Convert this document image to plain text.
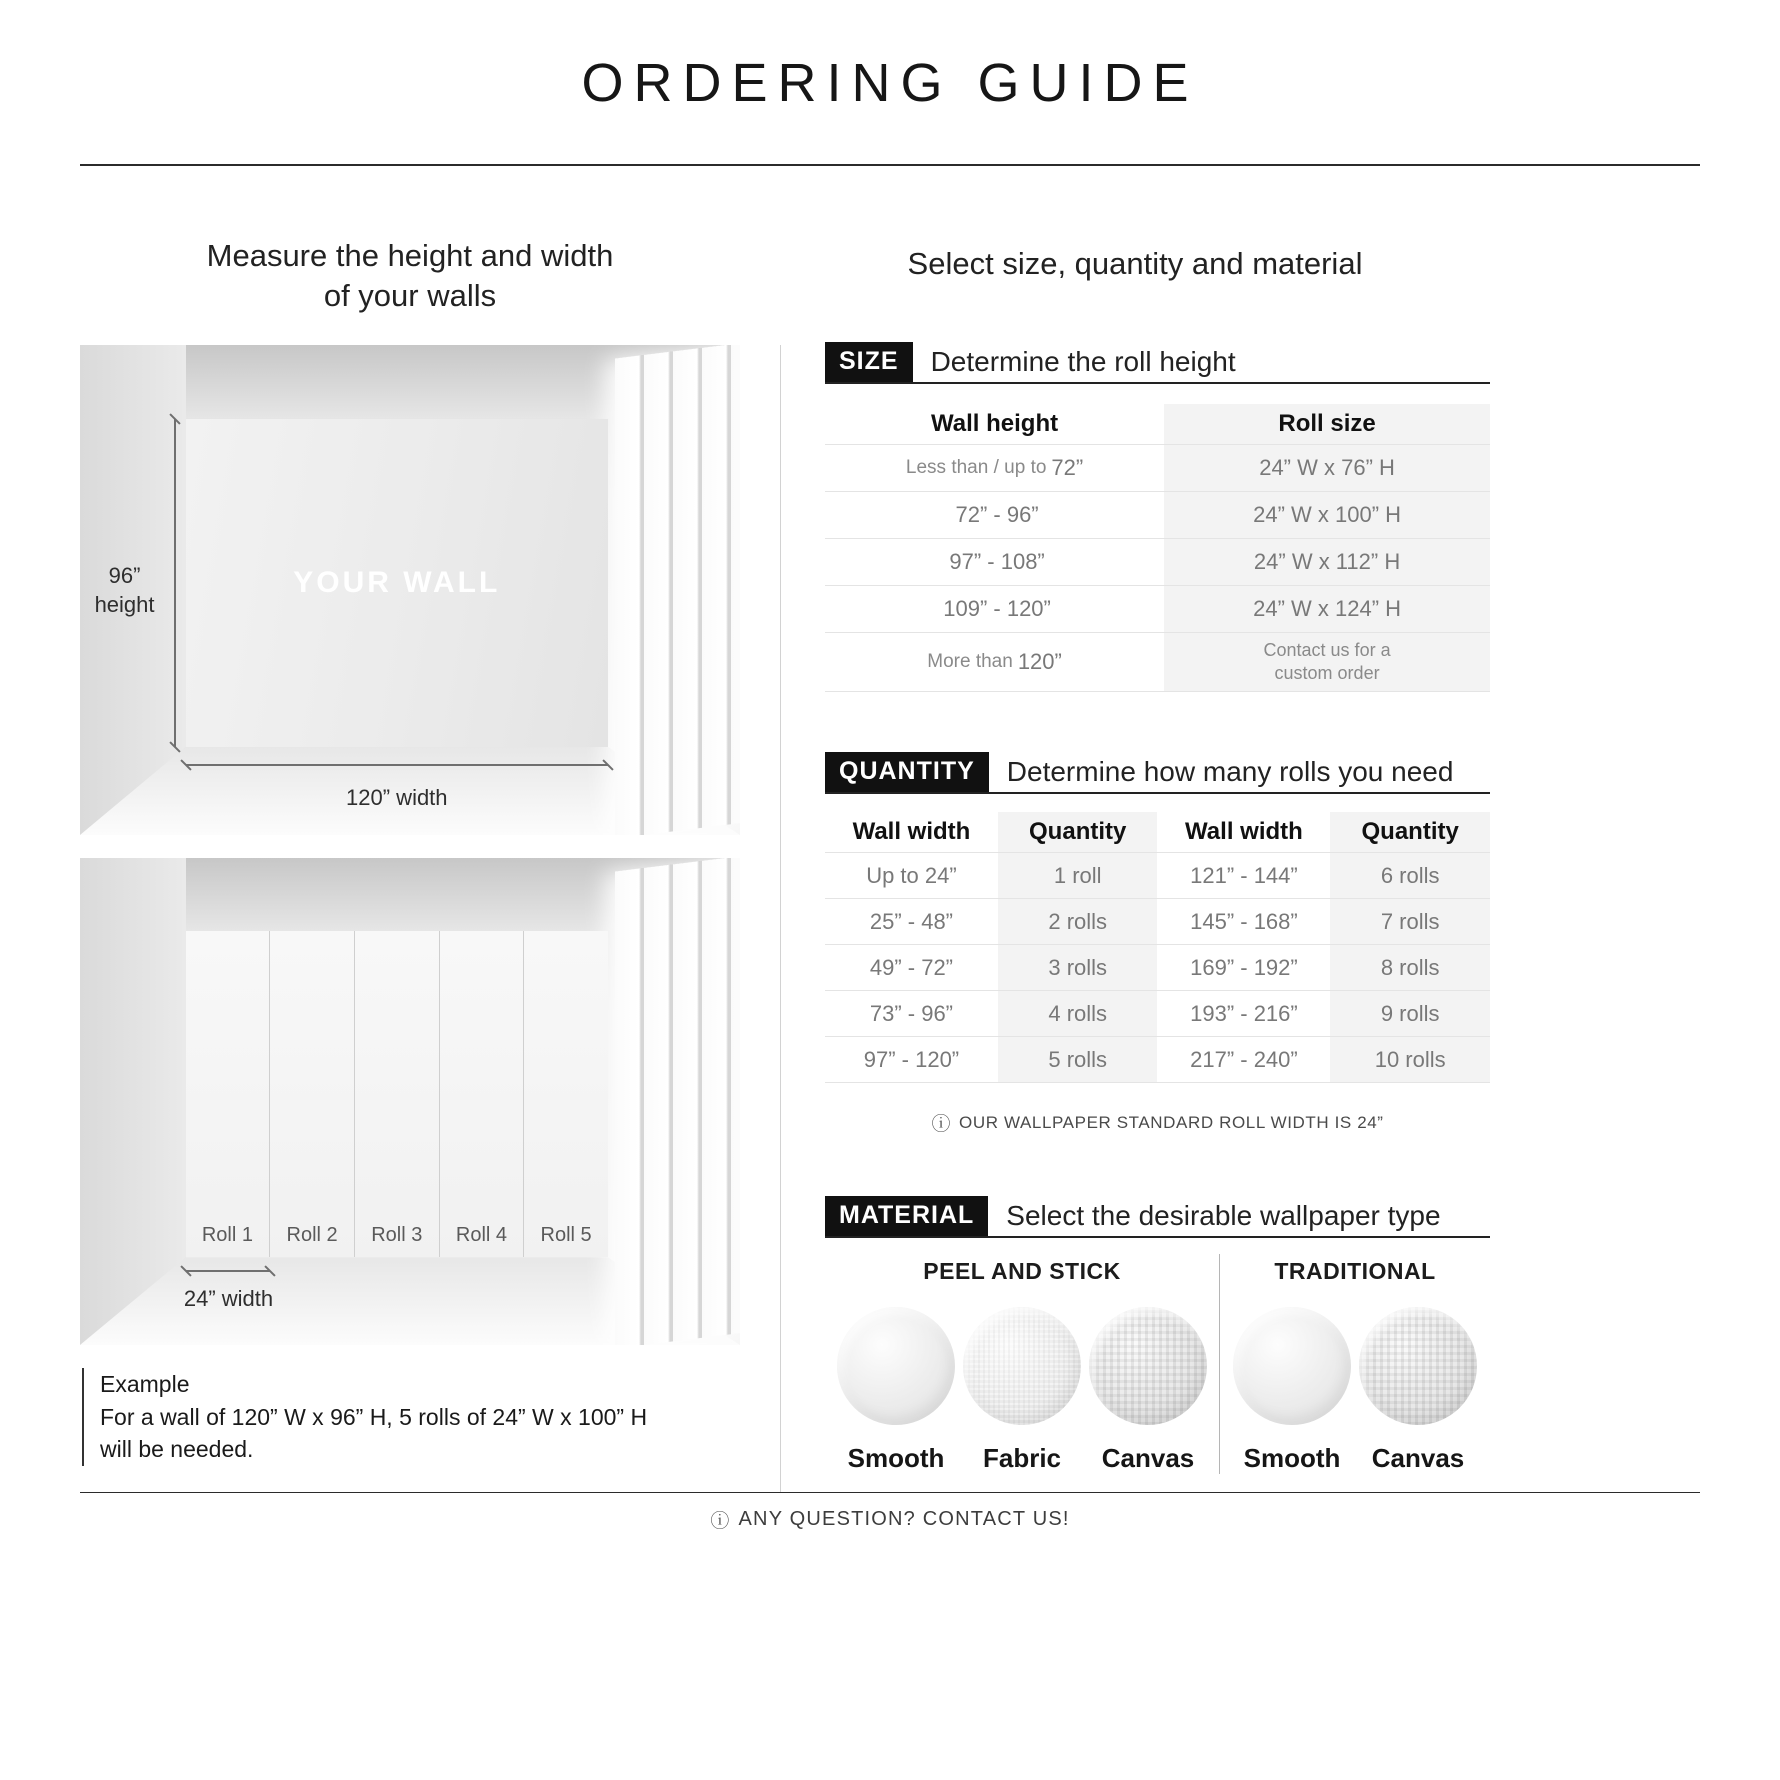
ORDERING GUIDE
Measure the height and width
of your walls
YOUR WALL
96”
height
120” width
Roll 1 Roll 2 Roll 3 Roll 4 Roll 5
24” width
Example
For a wall of 120” W x 96” H, 5 rolls of 24” W x 100” H
will be needed.
Select size, quantity and material
SIZE	Determine the roll height
Wall height	Roll size
Less than / up to 72”	24” W x 76” H
72” - 96”	24” W x 100” H
97” - 108”	24” W x 112” H
109” - 120”	24” W x 124” H
More than 120”	Contact us for a
custom order
QUANTITY	Determine how many rolls you need
Wall width	Quantity	Wall width	Quantity
Up to 24”	1 roll	121” - 144”	6 rolls
25” - 48”	2 rolls	145” - 168”	7 rolls
49” - 72”	3 rolls	169” - 192”	8 rolls
73” - 96”	4 rolls	193” - 216”	9 rolls
97” - 120”	5 rolls	217” - 240”	10 rolls
ⓘ OUR WALLPAPER STANDARD ROLL WIDTH IS 24”
MATERIAL	Select the desirable wallpaper type
PEEL AND STICK
Smooth	Fabric	Canvas
TRADITIONAL
Smooth	Canvas
ⓘ ANY QUESTION? CONTACT US!
